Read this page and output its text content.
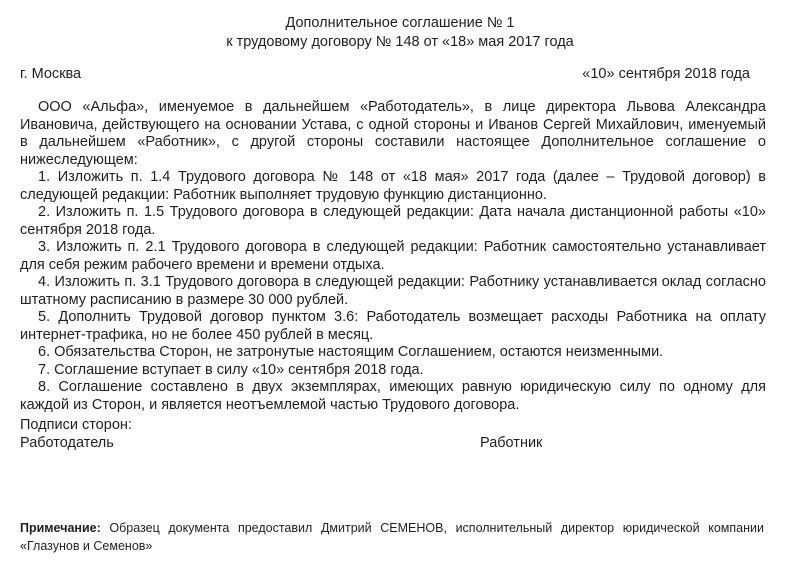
Дополнительное соглашение № 1
к трудовому договору № 148 от «18» мая 2017 года
г. Москва	«10» сентября 2018 года

ООО «Альфа», именуемое в дальнейшем «Работодатель», в лице директора Львова Александра Ивановича, действующего на основании Устава, с одной стороны и Иванов Сергей Михайлович, именуемый в дальнейшем «Работник», с другой стороны составили настоящее Дополнительное соглашение о нижеследующем:

1. Изложить п. 1.4 Трудового договора № 148 от «18 мая» 2017 года (далее – Трудовой договор) в следующей редакции: Работник выполняет трудовую функцию дистанционно.

2. Изложить п. 1.5 Трудового договора в следующей редакции: Дата начала дистанционной работы «10» сентября 2018 года.

3. Изложить п. 2.1 Трудового договора в следующей редакции: Работник самостоятельно устанавливает для себя режим рабочего времени и времени отдыха.

4. Изложить п. 3.1 Трудового договора в следующей редакции: Работнику устанавливается оклад согласно штатному расписанию в размере 30 000 рублей.

5. Дополнить Трудовой договор пунктом 3.6: Работодатель возмещает расходы Работника на оплату интернет-трафика, но не более 450 рублей в месяц.

6. Обязательства Сторон, не затронутые настоящим Соглашением, остаются неизменными.

7. Соглашение вступает в силу «10» сентября 2018 года.

8. Соглашение составлено в двух экземплярах, имеющих равную юридическую силу по одному для каждой из Сторон, и является неотъемлемой частью Трудового договора.

Подписи сторон:
Работодатель	Работник
Примечание: Образец документа предоставил Дмитрий СЕМЕНОВ, исполнительный директор юридической компании «Глазунов и Семенов»
